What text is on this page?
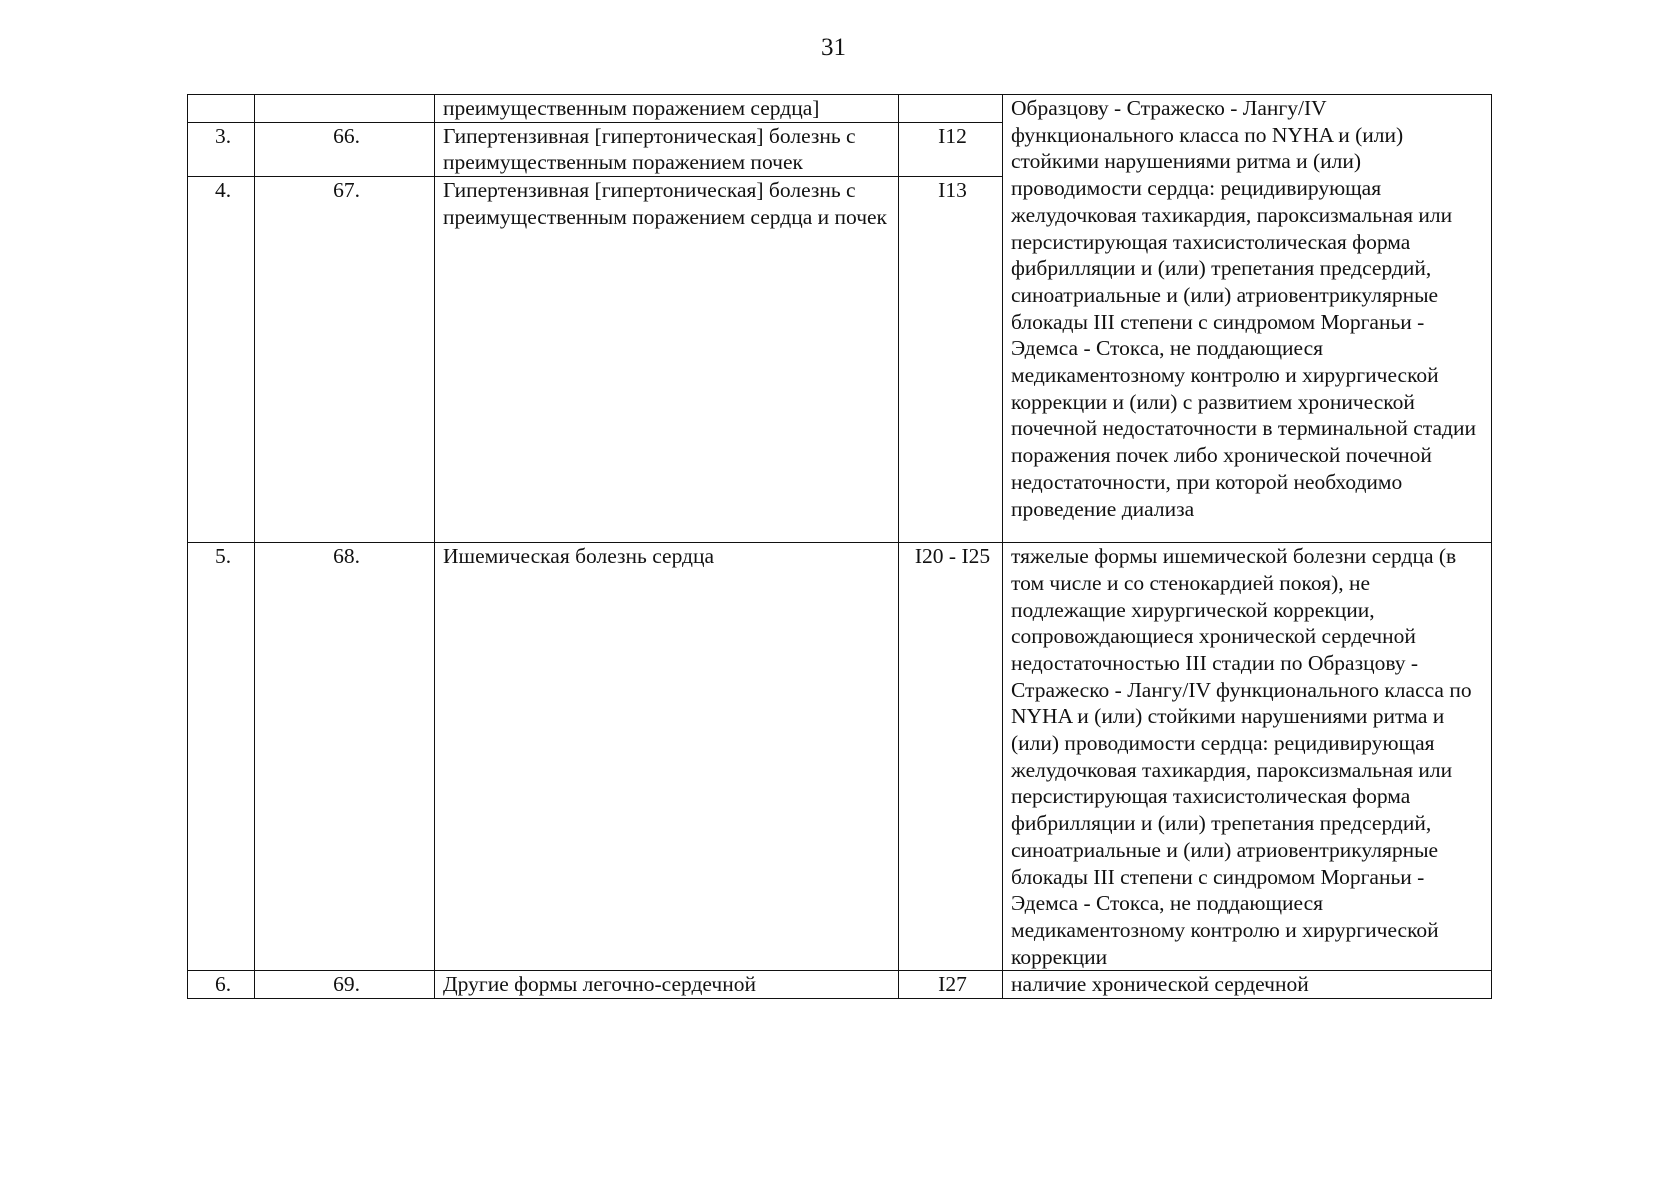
31
		преимущественным поражением сердца]		Образцову - Стражеско - Лангу/IV функционального класса по NYHA и (или) стойкими нарушениями ритма и (или) проводимости сердца: рецидивирующая желудочковая тахикардия, пароксизмальная или персистирующая тахисистолическая форма фибрилляции и (или) трепетания предсердий, синоатриальные и (или) атриовентрикулярные блокады III степени с синдромом Морганьи - Эдемса - Стокса, не поддающиеся медикаментозному контролю и хирургической коррекции и (или) с развитием хронической почечной недостаточности в терминальной стадии поражения почек либо хронической почечной недостаточности, при которой необходимо проведение диализа
3.	66.	Гипертензивная [гипертоническая] болезнь с преимущественным поражением почек	I12	
4.	67.	Гипертензивная [гипертоническая] болезнь с преимущественным поражением сердца и почек	I13	
5.	68.	Ишемическая болезнь сердца	I20 - I25	тяжелые формы ишемической болезни сердца (в том числе и со стенокардией покоя), не подлежащие хирургической коррекции, сопровождающиеся хронической сердечной недостаточностью III стадии по Образцову - Стражеско - Лангу/IV функционального класса по NYHA и (или) стойкими нарушениями ритма и (или) проводимости сердца: рецидивирующая желудочковая тахикардия, пароксизмальная или персистирующая тахисистолическая форма фибрилляции и (или) трепетания предсердий, синоатриальные и (или) атриовентрикулярные блокады III степени с синдромом Морганьи - Эдемса - Стокса, не поддающиеся медикаментозному контролю и хирургической коррекции
6.	69.	Другие формы легочно-сердечной	I27	наличие хронической сердечной
